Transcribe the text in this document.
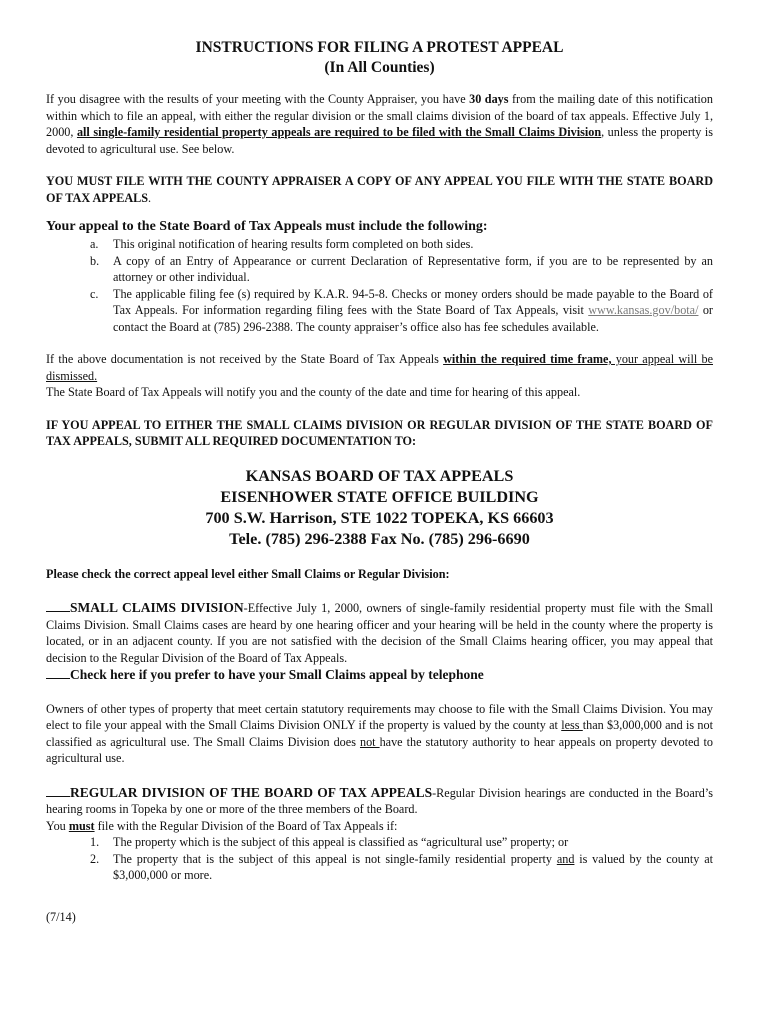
INSTRUCTIONS FOR FILING A PROTEST APPEAL
(In All Counties)

If you disagree with the results of your meeting with the County Appraiser, you have 30 days from the mailing date of this notification within which to file an appeal, with either the regular division or the small claims division of the board of tax appeals. Effective July 1, 2000, all single-family residential property appeals are required to be filed with the Small Claims Division, unless the property is devoted to agricultural use. See below.

YOU MUST FILE WITH THE COUNTY APPRAISER A COPY OF ANY APPEAL YOU FILE WITH THE STATE BOARD OF TAX APPEALS.

Your appeal to the State Board of Tax Appeals must include the following:

a. This original notification of hearing results form completed on both sides.
b. A copy of an Entry of Appearance or current Declaration of Representative form, if you are to be represented by an attorney or other individual.
c. The applicable filing fee (s) required by K.A.R. 94-5-8. Checks or money orders should be made payable to the Board of Tax Appeals. For information regarding filing fees with the State Board of Tax Appeals, visit www.kansas.gov/bota/ or contact the Board at (785) 296-2388. The county appraiser’s office also has fee schedules available.

If the above documentation is not received by the State Board of Tax Appeals within the required time frame, your appeal will be dismissed.

The State Board of Tax Appeals will notify you and the county of the date and time for hearing of this appeal.

IF YOU APPEAL TO EITHER THE SMALL CLAIMS DIVISION OR REGULAR DIVISION OF THE STATE BOARD OF TAX APPEALS, SUBMIT ALL REQUIRED DOCUMENTATION TO:

KANSAS BOARD OF TAX APPEALS
EISENHOWER STATE OFFICE BUILDING
700 S.W. Harrison, STE 1022 TOPEKA, KS 66603
Tele. (785) 296-2388 Fax No. (785) 296-6690

Please check the correct appeal level either Small Claims or Regular Division:

SMALL CLAIMS DIVISION-Effective July 1, 2000, owners of single-family residential property must file with the Small Claims Division. Small Claims cases are heard by one hearing officer and your hearing will be held in the county where the property is located, or in an adjacent county. If you are not satisfied with the decision of the Small Claims hearing officer, you may appeal that decision to the Regular Division of the Board of Tax Appeals.

Check here if you prefer to have your Small Claims appeal by telephone

Owners of other types of property that meet certain statutory requirements may choose to file with the Small Claims Division. You may elect to file your appeal with the Small Claims Division ONLY if the property is valued by the county at less than $3,000,000 and is not classified as agricultural use. The Small Claims Division does not have the statutory authority to hear appeals on property devoted to agricultural use.

REGULAR DIVISION OF THE BOARD OF TAX APPEALS-Regular Division hearings are conducted in the Board’s hearing rooms in Topeka by one or more of the three members of the Board.

You must file with the Regular Division of the Board of Tax Appeals if:

1. The property which is the subject of this appeal is classified as “agricultural use” property; or
2. The property that is the subject of this appeal is not single-family residential property and is valued by the county at $3,000,000 or more.

(7/14)
